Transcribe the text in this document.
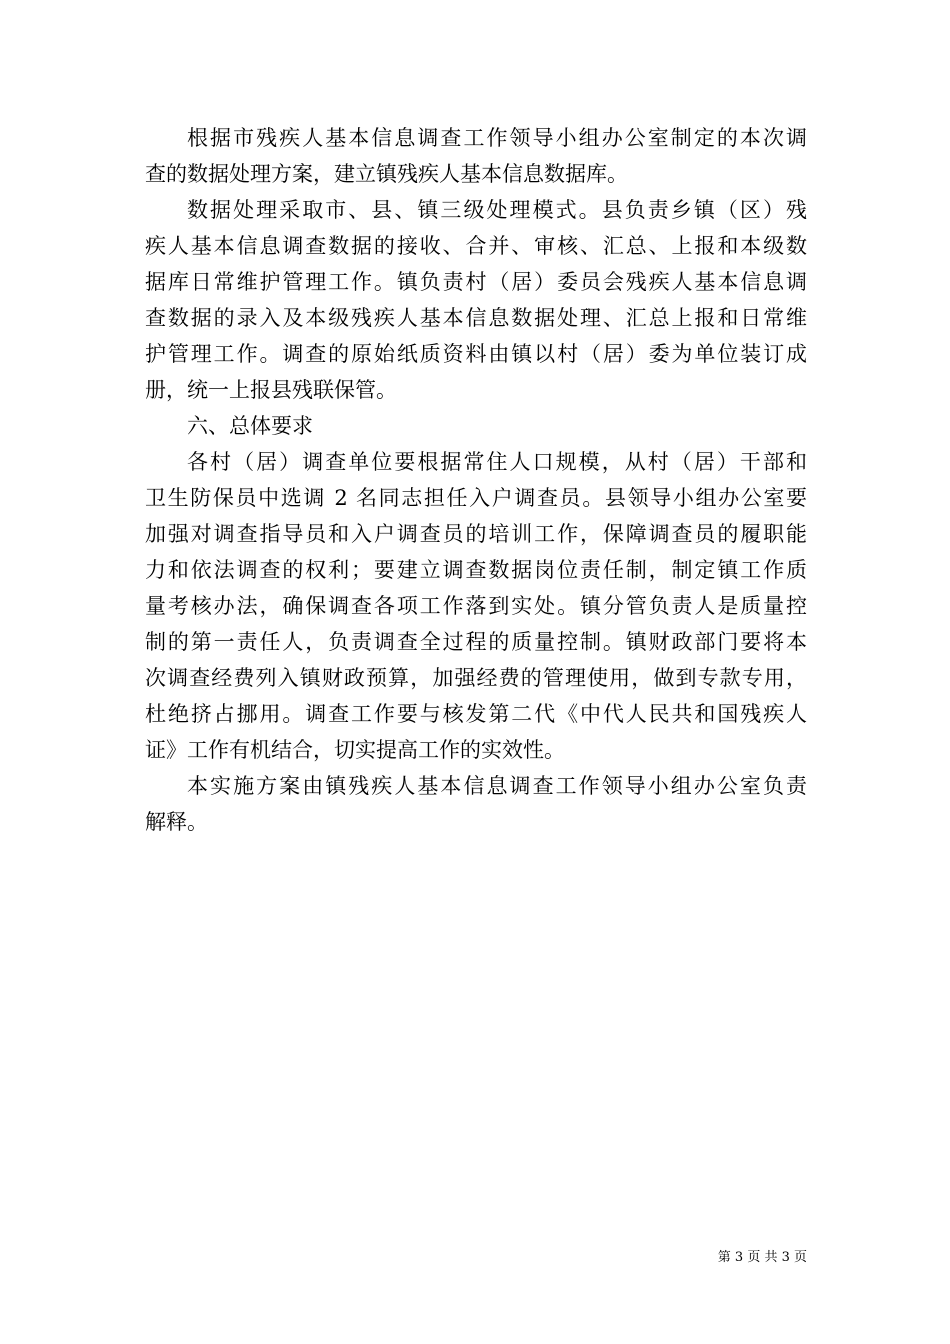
根据市残疾人基本信息调查工作领导小组办公室制定的本次调
查的数据处理方案，建立镇残疾人基本信息数据库。
数据处理采取市、县、镇三级处理模式。县负责乡镇（区）残
疾人基本信息调查数据的接收、合并、审核、汇总、上报和本级数
据库日常维护管理工作。镇负责村（居）委员会残疾人基本信息调
查数据的录入及本级残疾人基本信息数据处理、汇总上报和日常维
护管理工作。调查的原始纸质资料由镇以村（居）委为单位装订成
册，统一上报县残联保管。
六、总体要求
各村（居）调查单位要根据常住人口规模，从村（居）干部和
卫生防保员中选调 2 名同志担任入户调查员。县领导小组办公室要
加强对调查指导员和入户调查员的培训工作，保障调查员的履职能
力和依法调查的权利；要建立调查数据岗位责任制，制定镇工作质
量考核办法，确保调查各项工作落到实处。镇分管负责人是质量控
制的第一责任人，负责调查全过程的质量控制。镇财政部门要将本
次调查经费列入镇财政预算，加强经费的管理使用，做到专款专用，
杜绝挤占挪用。调查工作要与核发第二代《中代人民共和国残疾人
证》工作有机结合，切实提高工作的实效性。
本实施方案由镇残疾人基本信息调查工作领导小组办公室负责
解释。
第 3 页 共 3 页
